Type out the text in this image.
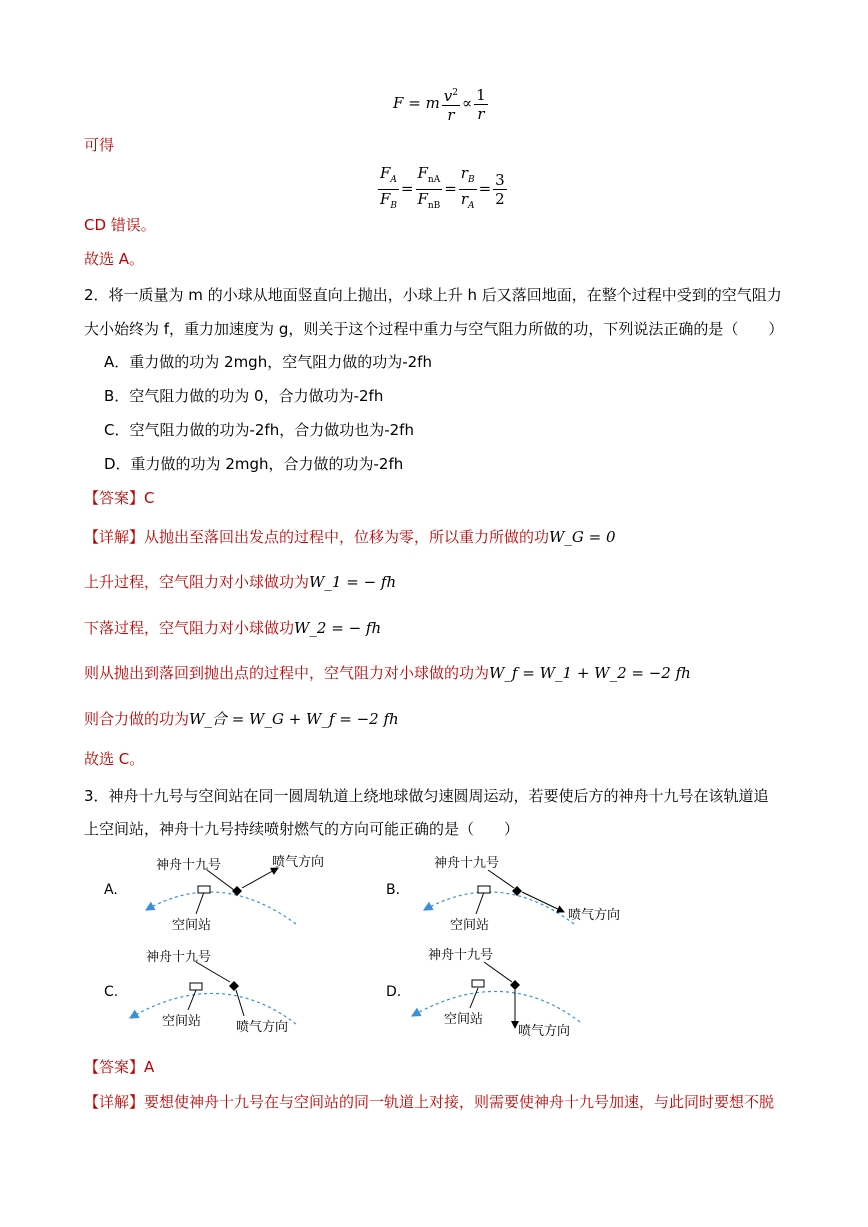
F = m $\frac{v^2}{r} \propto \frac{1}{r}$
可得
$\frac{F_A}{F_B} = \frac{F_{nA}}{F_{nB}} = \frac{r_B}{r_A} = \frac{3}{2}$
CD 错误。
故选 A。
2．将一质量为 m 的小球从地面竖直向上抛出，小球上升 h 后又落回地面，在整个过程中受到的空气阻力
大小始终为 f，重力加速度为 g，则关于这个过程中重力与空气阻力所做的功，下列说法正确的是（　　）
A．重力做的功为 2mgh，空气阻力做的功为-2fh
B．空气阻力做的功为 0，合力做功为-2fh
C．空气阻力做的功为-2fh，合力做功也为-2fh
D．重力做的功为 2mgh，合力做的功为-2fh
【答案】C
【详解】从抛出至落回出发点的过程中，位移为零，所以重力所做的功W_G = 0
上升过程，空气阻力对小球做功为W_1 = − fh
下落过程，空气阻力对小球做功W_2 = − fh
则从抛出到落回到抛出点的过程中，空气阻力对小球做的功为W_f = W_1 + W_2 = −2 fh
则合力做的功为W_合 = W_G + W_f = −2 fh
故选 C。
3．神舟十九号与空间站在同一圆周轨道上绕地球做匀速圆周运动，若要使后方的神舟十九号在该轨道追
上空间站，神舟十九号持续喷射燃气的方向可能正确的是（　　）
A.
神舟十九号	喷气方向
空间站
B.
神舟十九号
喷气方向
空间站
C.
神舟十九号
喷气方向
空间站
D.
神舟十九号
喷气方向
空间站
【答案】A
【详解】要想使神舟十九号在与空间站的同一轨道上对接，则需要使神舟十九号加速，与此同时要想不脱
